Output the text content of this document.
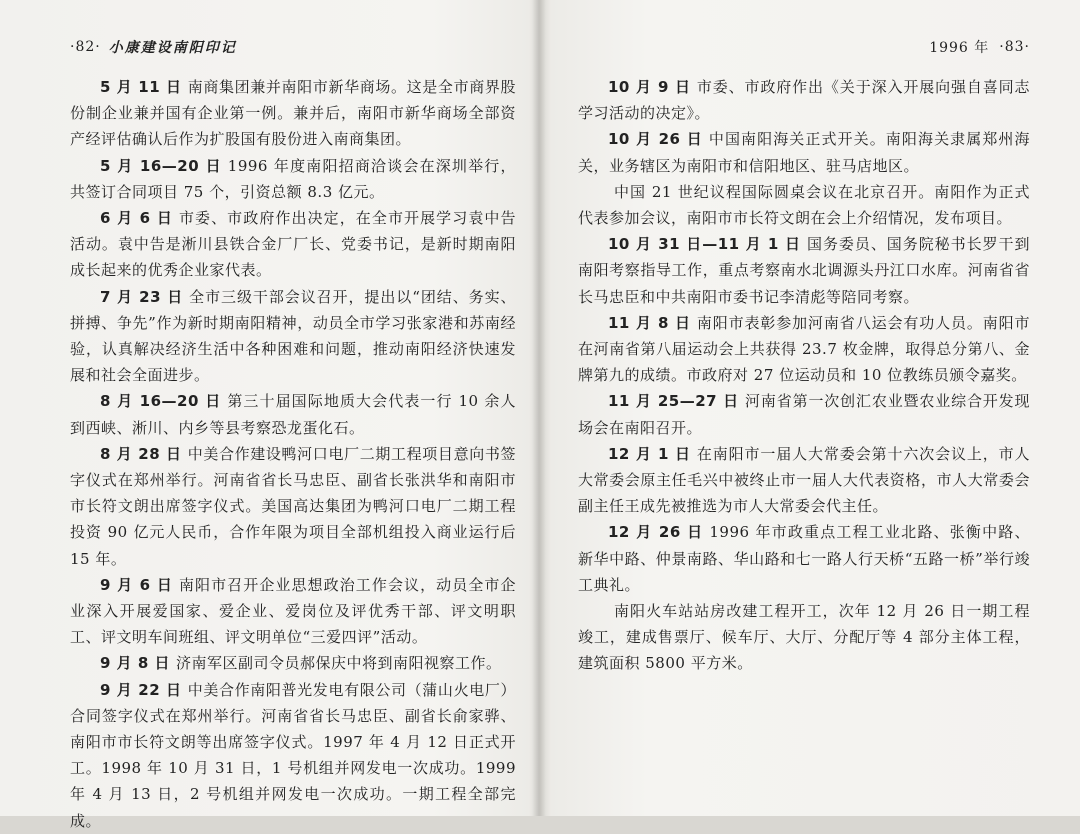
·82· 小康建设南阳印记

5 月 11 日 南商集团兼并南阳市新华商场。这是全市商界股份制企业兼并国有企业第一例。兼并后，南阳市新华商场全部资产经评估确认后作为扩股国有股份进入南商集团。

5 月 16—20 日 1996 年度南阳招商洽谈会在深圳举行，共签订合同项目 75 个，引资总额 8.3 亿元。

6 月 6 日 市委、市政府作出决定，在全市开展学习袁中告活动。袁中告是淅川县铁合金厂厂长、党委书记，是新时期南阳成长起来的优秀企业家代表。

7 月 23 日 全市三级干部会议召开，提出以“团结、务实、拼搏、争先”作为新时期南阳精神，动员全市学习张家港和苏南经验，认真解决经济生活中各种困难和问题，推动南阳经济快速发展和社会全面进步。

8 月 16—20 日 第三十届国际地质大会代表一行 10 余人到西峡、淅川、内乡等县考察恐龙蛋化石。

8 月 28 日 中美合作建设鸭河口电厂二期工程项目意向书签字仪式在郑州举行。河南省省长马忠臣、副省长张洪华和南阳市市长符文朗出席签字仪式。美国高达集团为鸭河口电厂二期工程投资 90 亿元人民币，合作年限为项目全部机组投入商业运行后 15 年。

9 月 6 日 南阳市召开企业思想政治工作会议，动员全市企业深入开展爱国家、爱企业、爱岗位及评优秀干部、评文明职工、评文明车间班组、评文明单位“三爱四评”活动。

9 月 8 日 济南军区副司令员郝保庆中将到南阳视察工作。

9 月 22 日 中美合作南阳普光发电有限公司（蒲山火电厂）合同签字仪式在郑州举行。河南省省长马忠臣、副省长俞家骅、南阳市市长符文朗等出席签字仪式。1997 年 4 月 12 日正式开工。1998 年 10 月 31 日，1 号机组并网发电一次成功。1999 年 4 月 13 日，2 号机组并网发电一次成功。一期工程全部完成。

1996 年 ·83·

10 月 9 日 市委、市政府作出《关于深入开展向强自喜同志学习活动的决定》。

10 月 26 日 中国南阳海关正式开关。南阳海关隶属郑州海关，业务辖区为南阳市和信阳地区、驻马店地区。

中国 21 世纪议程国际圆桌会议在北京召开。南阳作为正式代表参加会议，南阳市市长符文朗在会上介绍情况，发布项目。

10 月 31 日—11 月 1 日 国务委员、国务院秘书长罗干到南阳考察指导工作，重点考察南水北调源头丹江口水库。河南省省长马忠臣和中共南阳市委书记李清彪等陪同考察。

11 月 8 日 南阳市表彰参加河南省八运会有功人员。南阳市在河南省第八届运动会上共获得 23.7 枚金牌，取得总分第八、金牌第九的成绩。市政府对 27 位运动员和 10 位教练员颁令嘉奖。

11 月 25—27 日 河南省第一次创汇农业暨农业综合开发现场会在南阳召开。

12 月 1 日 在南阳市一届人大常委会第十六次会议上，市人大常委会原主任毛兴中被终止市一届人大代表资格，市人大常委会副主任王成先被推选为市人大常委会代主任。

12 月 26 日 1996 年市政重点工程工业北路、张衡中路、新华中路、仲景南路、华山路和七一路人行天桥“五路一桥”举行竣工典礼。

南阳火车站站房改建工程开工，次年 12 月 26 日一期工程竣工，建成售票厅、候车厅、大厅、分配厅等 4 部分主体工程，建筑面积 5800 平方米。
